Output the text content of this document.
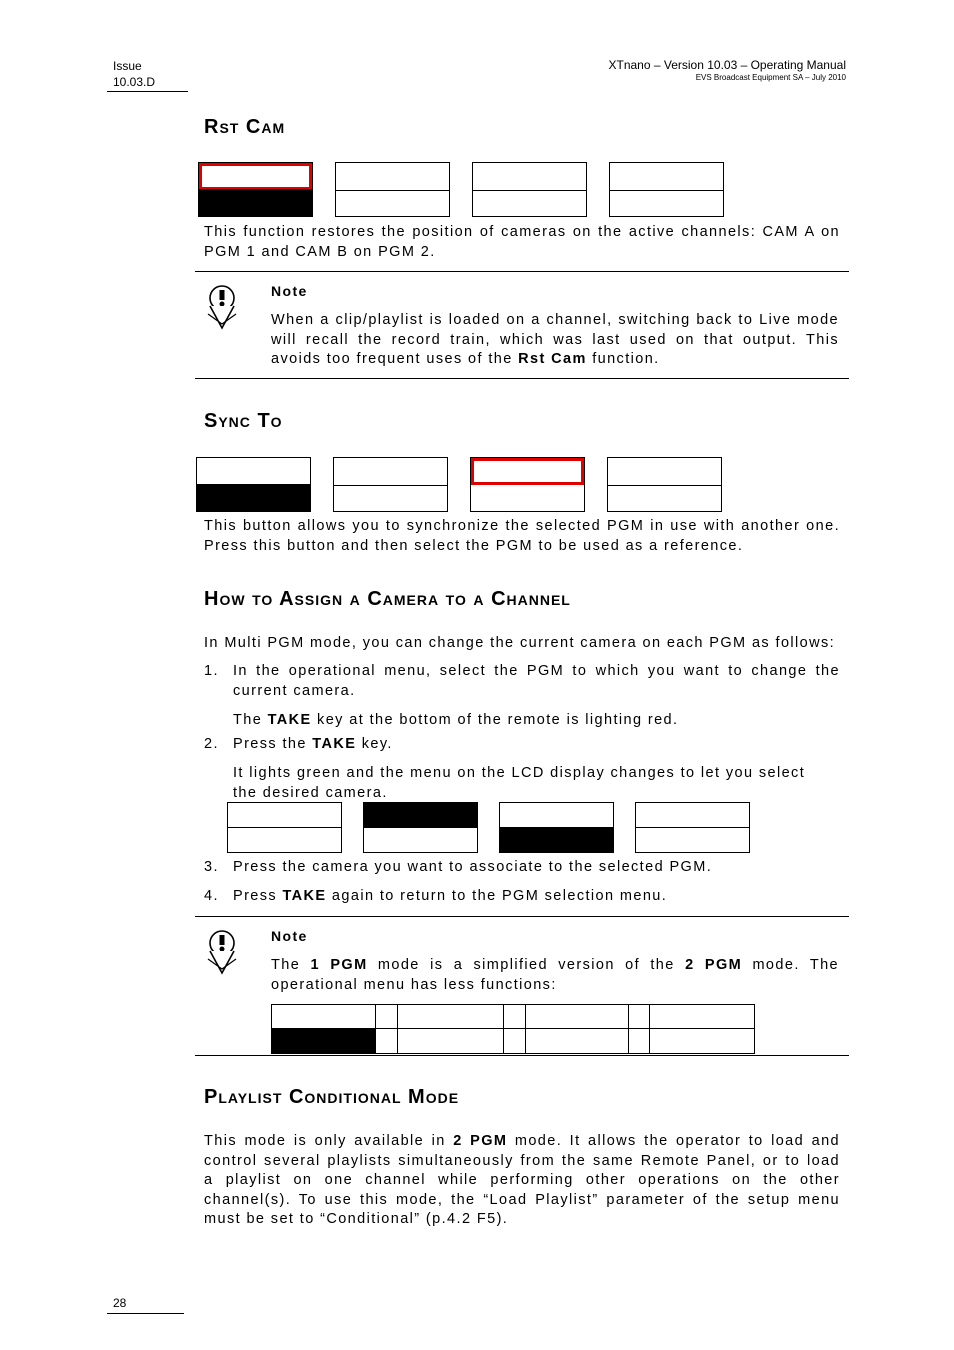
Issue
10.03.D
XTnano – Version 10.03 – Operating Manual
EVS Broadcast Equipment SA – July 2010
Rst Cam
This function restores the position of cameras on the active channels: CAM A on PGM 1 and CAM B on PGM 2.
Note
When a clip/playlist is loaded on a channel, switching back to Live mode will recall the record train, which was last used on that output. This avoids too frequent uses of the Rst Cam function.
Sync To
This button allows you to synchronize the selected PGM in use with another one. Press this button and then select the PGM to be used as a reference.
How to Assign a Camera to a Channel
In Multi PGM mode, you can change the current camera on each PGM as follows:
1. In the operational menu, select the PGM to which you want to change the current camera.
The TAKE key at the bottom of the remote is lighting red.
2. Press the TAKE key.
It lights green and the menu on the LCD display changes to let you select the desired camera.
3. Press the camera you want to associate to the selected PGM.
4. Press TAKE again to return to the PGM selection menu.
Note
The 1 PGM mode is a simplified version of the 2 PGM mode. The operational menu has less functions:
Playlist Conditional Mode
This mode is only available in 2 PGM mode. It allows the operator to load and control several playlists simultaneously from the same Remote Panel, or to load a playlist on one channel while performing other operations on the other channel(s). To use this mode, the “Load Playlist” parameter of the setup menu must be set to “Conditional” (p.4.2 F5).
28
